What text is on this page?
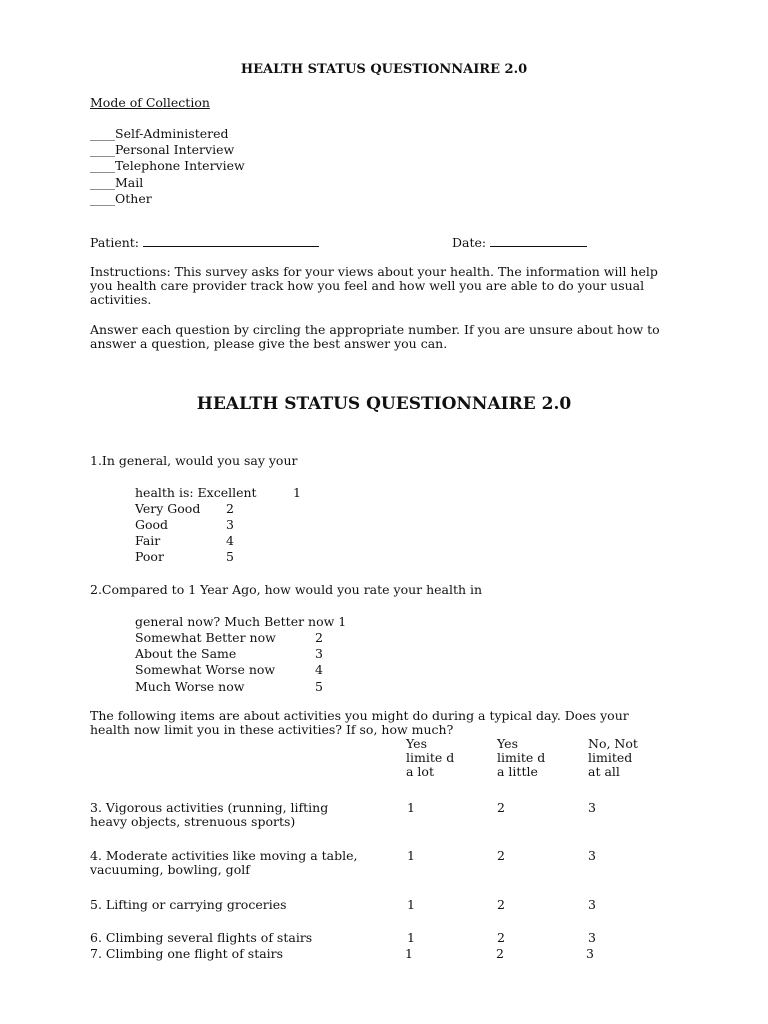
HEALTH STATUS QUESTIONNAIRE 2.0
Mode of Collection
____Self-Administered
____Personal Interview
____Telephone Interview
____Mail
____Other
Patient:	Date:
Instructions: This survey asks for your views about your health. The information will help you health care provider track how you feel and how well you are able to do your usual activities.
Answer each question by circling the appropriate number. If you are unsure about how to answer a question, please give the best answer you can.
HEALTH STATUS QUESTIONNAIRE 2.0
1.In general, would you say your
health is: Excellent	1
Very Good 2
Good	3
Fair	4
Poor	5
2.Compared to 1 Year Ago, how would you rate your health in
general now? Much Better now 1
Somewhat Better now	2
About the Same	3
Somewhat Worse now	4
Much Worse now	5
The following items are about activities you might do during a typical day. Does your health now limit you in these activities? If so, how much?
Yes limite d a lot
Yes limite d a little
No, Not limited at all
3. Vigorous activities (running, lifting heavy objects, strenuous sports)
1	2	3
4. Moderate activities like moving a table, vacuuming, bowling, golf
1	2	3
5. Lifting or carrying groceries	1	2	3
6. Climbing several flights of stairs	1	2	3
7. Climbing one flight of stairs	1	2	3
